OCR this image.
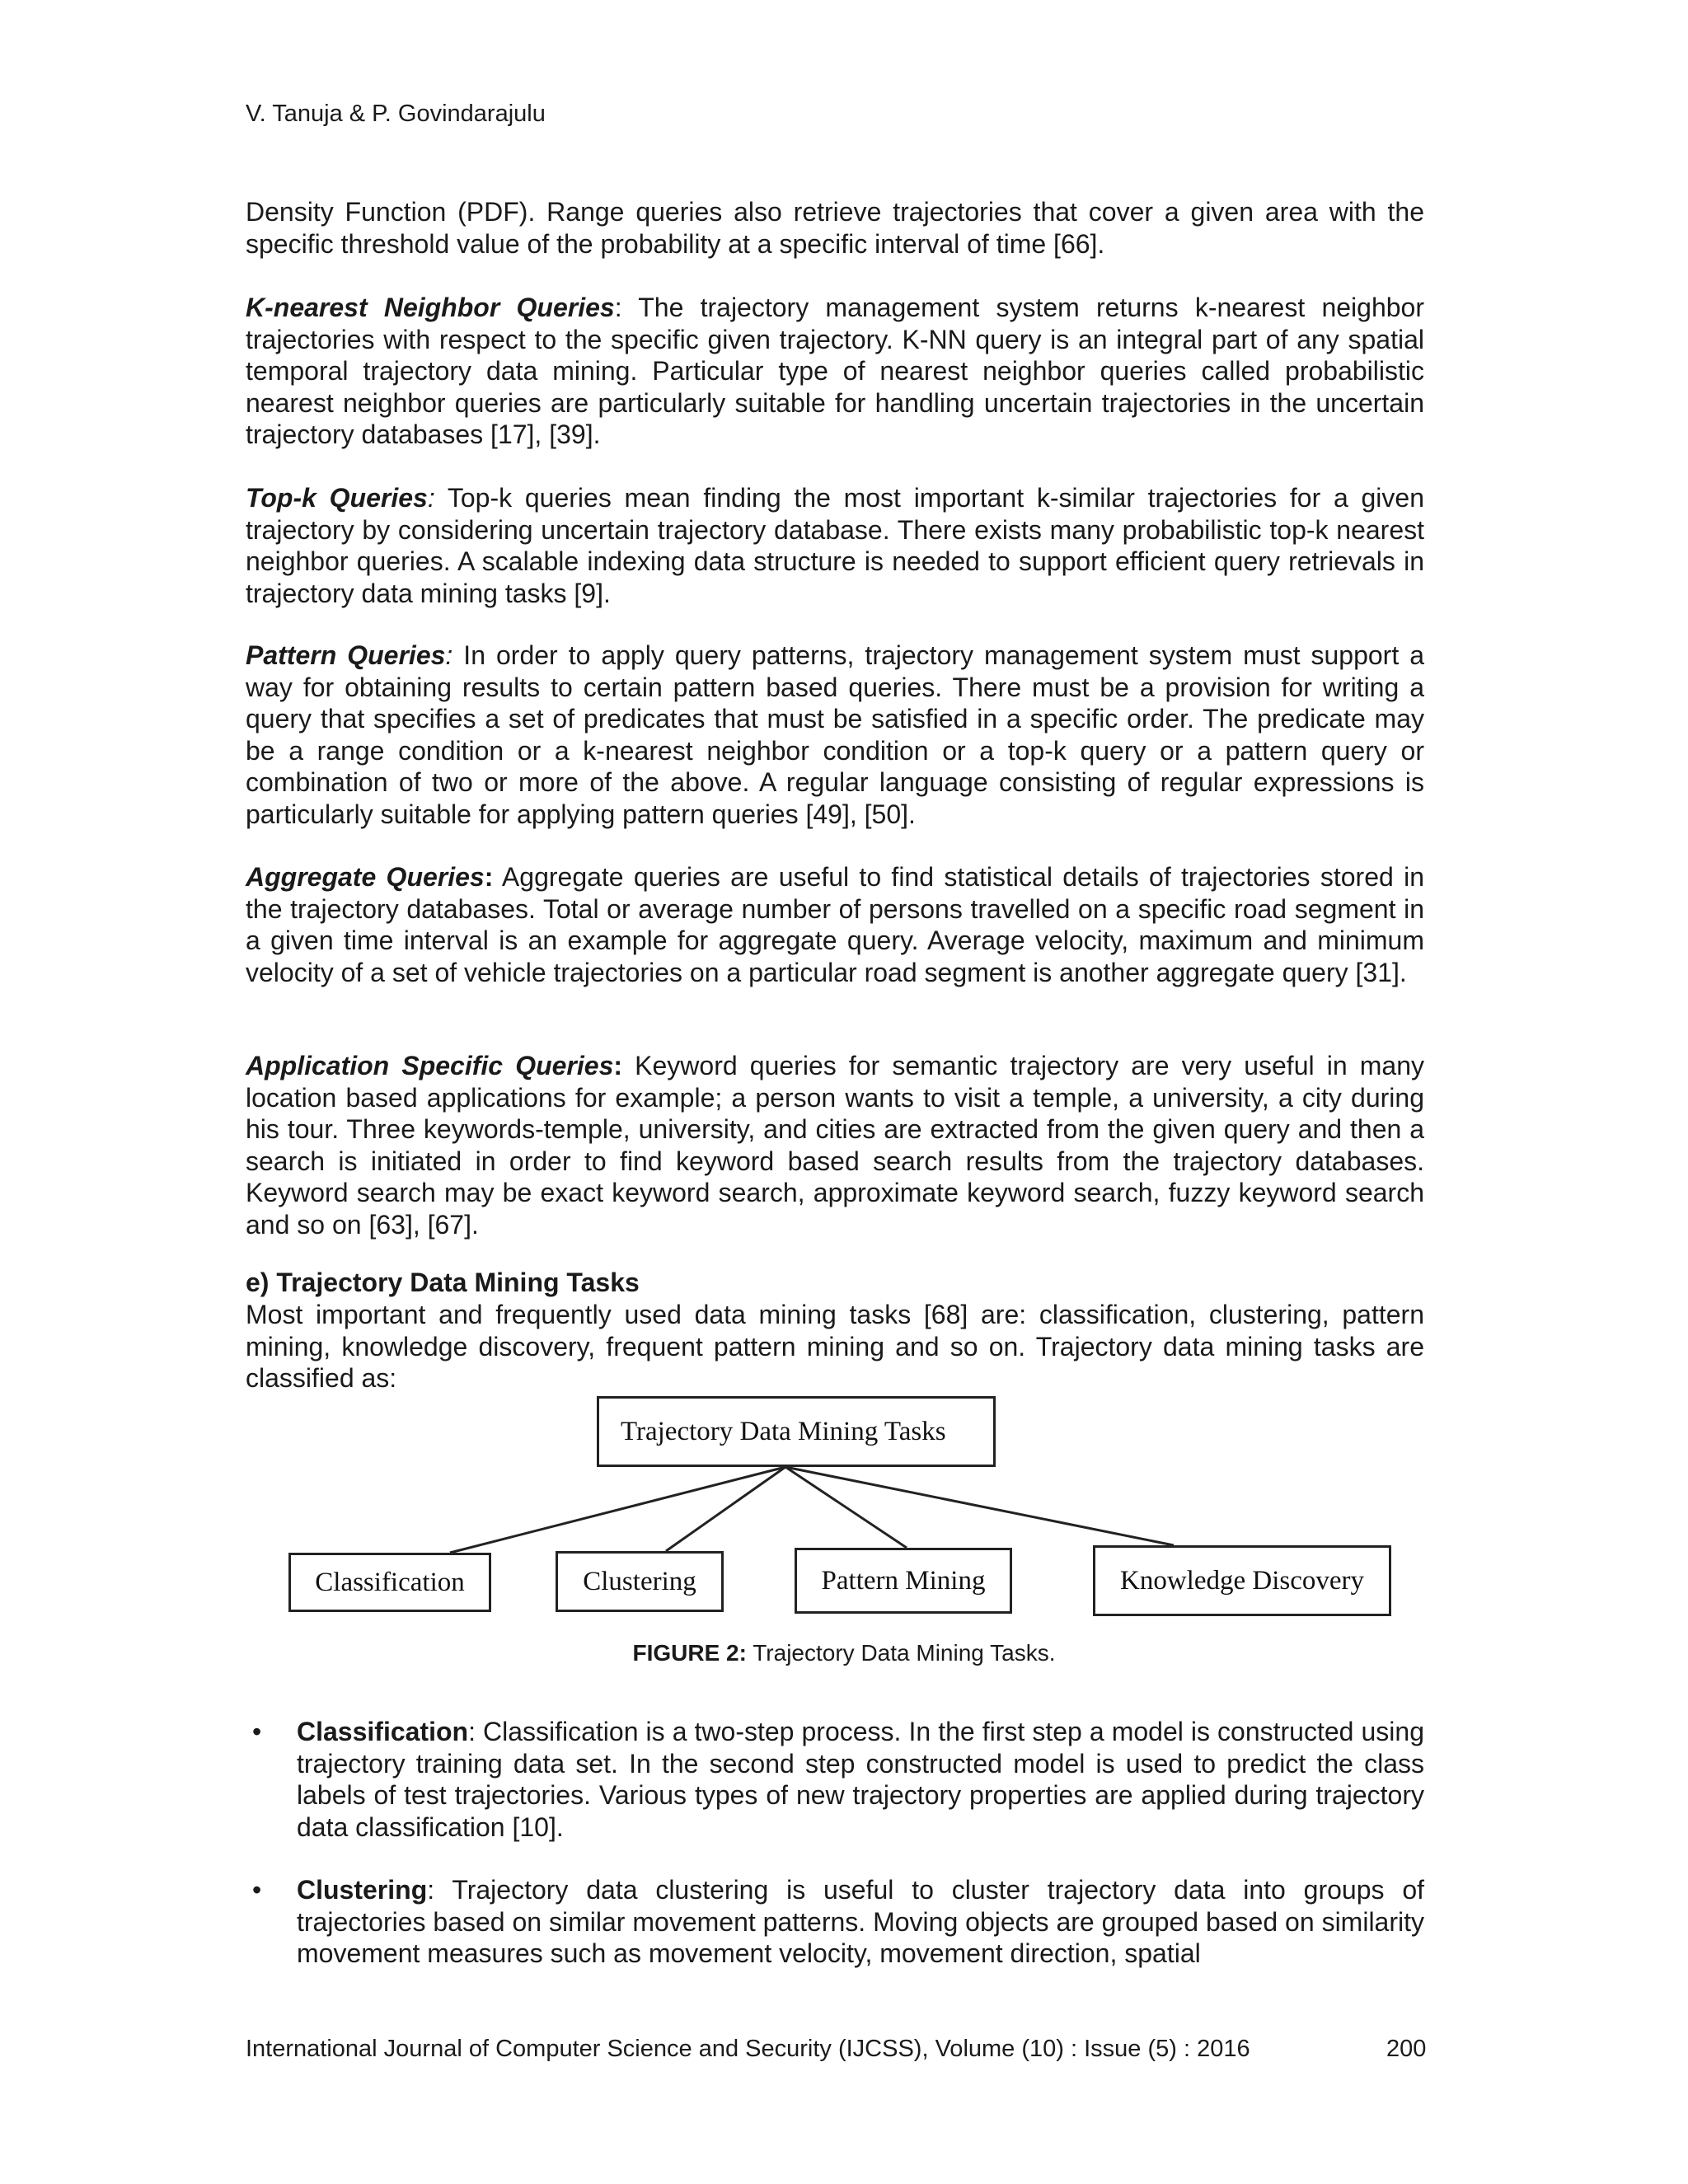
V. Tanuja & P. Govindarajulu

Density Function (PDF). Range queries also retrieve trajectories that cover a given area with the specific threshold value of the probability at a specific interval of time [66].

K-nearest Neighbor Queries: The trajectory management system returns k-nearest neighbor trajectories with respect to the specific given trajectory. K-NN query is an integral part of any spatial temporal trajectory data mining. Particular type of nearest neighbor queries called probabilistic nearest neighbor queries are particularly suitable for handling uncertain trajectories in the uncertain trajectory databases [17], [39].

Top-k Queries: Top-k queries mean finding the most important k-similar trajectories for a given trajectory by considering uncertain trajectory database. There exists many probabilistic top-k nearest neighbor queries. A scalable indexing data structure is needed to support efficient query retrievals in trajectory data mining tasks [9].

Pattern Queries: In order to apply query patterns, trajectory management system must support a way for obtaining results to certain pattern based queries. There must be a provision for writing a query that specifies a set of predicates that must be satisfied in a specific order. The predicate may be a range condition or a k-nearest neighbor condition or a top-k query or a pattern query or combination of two or more of the above. A regular language consisting of regular expressions is particularly suitable for applying pattern queries [49], [50].

Aggregate Queries: Aggregate queries are useful to find statistical details of trajectories stored in the trajectory databases. Total or average number of persons travelled on a specific road segment in a given time interval is an example for aggregate query. Average velocity, maximum and minimum velocity of a set of vehicle trajectories on a particular road segment is another aggregate query [31].

Application Specific Queries: Keyword queries for semantic trajectory are very useful in many location based applications for example; a person wants to visit a temple, a university, a city during his tour. Three keywords-temple, university, and cities are extracted from the given query and then a search is initiated in order to find keyword based search results from the trajectory databases. Keyword search may be exact keyword search, approximate keyword search, fuzzy keyword search and so on [63], [67].

e) Trajectory Data Mining Tasks

Most important and frequently used data mining tasks [68] are: classification, clustering, pattern mining, knowledge discovery, frequent pattern mining and so on. Trajectory data mining tasks are classified as:

Trajectory Data Mining Tasks
Classification	Clustering	Pattern Mining	Knowledge Discovery

FIGURE 2: Trajectory Data Mining Tasks.

• Classification: Classification is a two-step process. In the first step a model is constructed using trajectory training data set. In the second step constructed model is used to predict the class labels of test trajectories. Various types of new trajectory properties are applied during trajectory data classification [10].

• Clustering: Trajectory data clustering is useful to cluster trajectory data into groups of trajectories based on similar movement patterns. Moving objects are grouped based on similarity movement measures such as movement velocity, movement direction, spatial

International Journal of Computer Science and Security (IJCSS), Volume (10) : Issue (5) : 2016	200
